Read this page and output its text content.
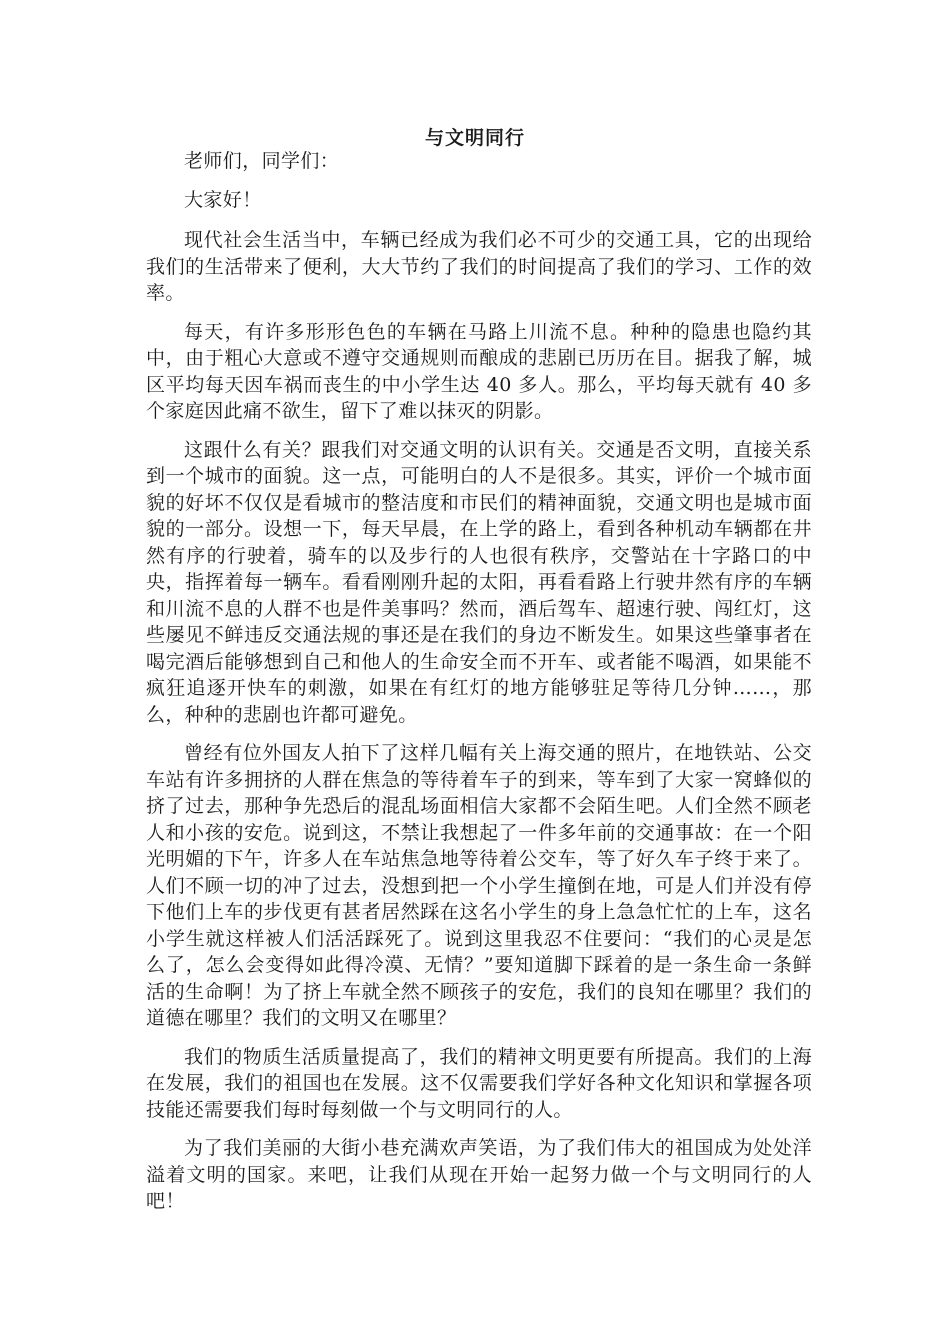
与文明同行

老师们，同学们：

大家好！

现代社会生活当中，车辆已经成为我们必不可少的交通工具，它的出现给我们的生活带来了便利，大大节约了我们的时间提高了我们的学习、工作的效率。

每天，有许多形形色色的车辆在马路上川流不息。种种的隐患也隐约其中，由于粗心大意或不遵守交通规则而酿成的悲剧已历历在目。据我了解，城区平均每天因车祸而丧生的中小学生达 40 多人。那么，平均每天就有 40 多个家庭因此痛不欲生，留下了难以抹灭的阴影。

这跟什么有关？跟我们对交通文明的认识有关。交通是否文明，直接关系到一个城市的面貌。这一点，可能明白的人不是很多。其实，评价一个城市面貌的好坏不仅仅是看城市的整洁度和市民们的精神面貌，交通文明也是城市面貌的一部分。设想一下，每天早晨，在上学的路上，看到各种机动车辆都在井然有序的行驶着，骑车的以及步行的人也很有秩序，交警站在十字路口的中央，指挥着每一辆车。看看刚刚升起的太阳，再看看路上行驶井然有序的车辆和川流不息的人群不也是件美事吗？然而，酒后驾车、超速行驶、闯红灯，这些屡见不鲜违反交通法规的事还是在我们的身边不断发生。如果这些肇事者在喝完酒后能够想到自己和他人的生命安全而不开车、或者能不喝酒，如果能不疯狂追逐开快车的刺激，如果在有红灯的地方能够驻足等待几分钟……，那么，种种的悲剧也许都可避免。

曾经有位外国友人拍下了这样几幅有关上海交通的照片，在地铁站、公交车站有许多拥挤的人群在焦急的等待着车子的到来，等车到了大家一窝蜂似的挤了过去，那种争先恐后的混乱场面相信大家都不会陌生吧。人们全然不顾老人和小孩的安危。说到这，不禁让我想起了一件多年前的交通事故：在一个阳光明媚的下午，许多人在车站焦急地等待着公交车，等了好久车子终于来了。人们不顾一切的冲了过去，没想到把一个小学生撞倒在地，可是人们并没有停下他们上车的步伐更有甚者居然踩在这名小学生的身上急急忙忙的上车，这名小学生就这样被人们活活踩死了。说到这里我忍不住要问：“我们的心灵是怎么了，怎么会变得如此得冷漠、无情？”要知道脚下踩着的是一条生命一条鲜活的生命啊！为了挤上车就全然不顾孩子的安危，我们的良知在哪里？我们的道德在哪里？我们的文明又在哪里？

我们的物质生活质量提高了，我们的精神文明更要有所提高。我们的上海在发展，我们的祖国也在发展。这不仅需要我们学好各种文化知识和掌握各项技能还需要我们每时每刻做一个与文明同行的人。

为了我们美丽的大街小巷充满欢声笑语，为了我们伟大的祖国成为处处洋溢着文明的国家。来吧，让我们从现在开始一起努力做一个与文明同行的人吧！
